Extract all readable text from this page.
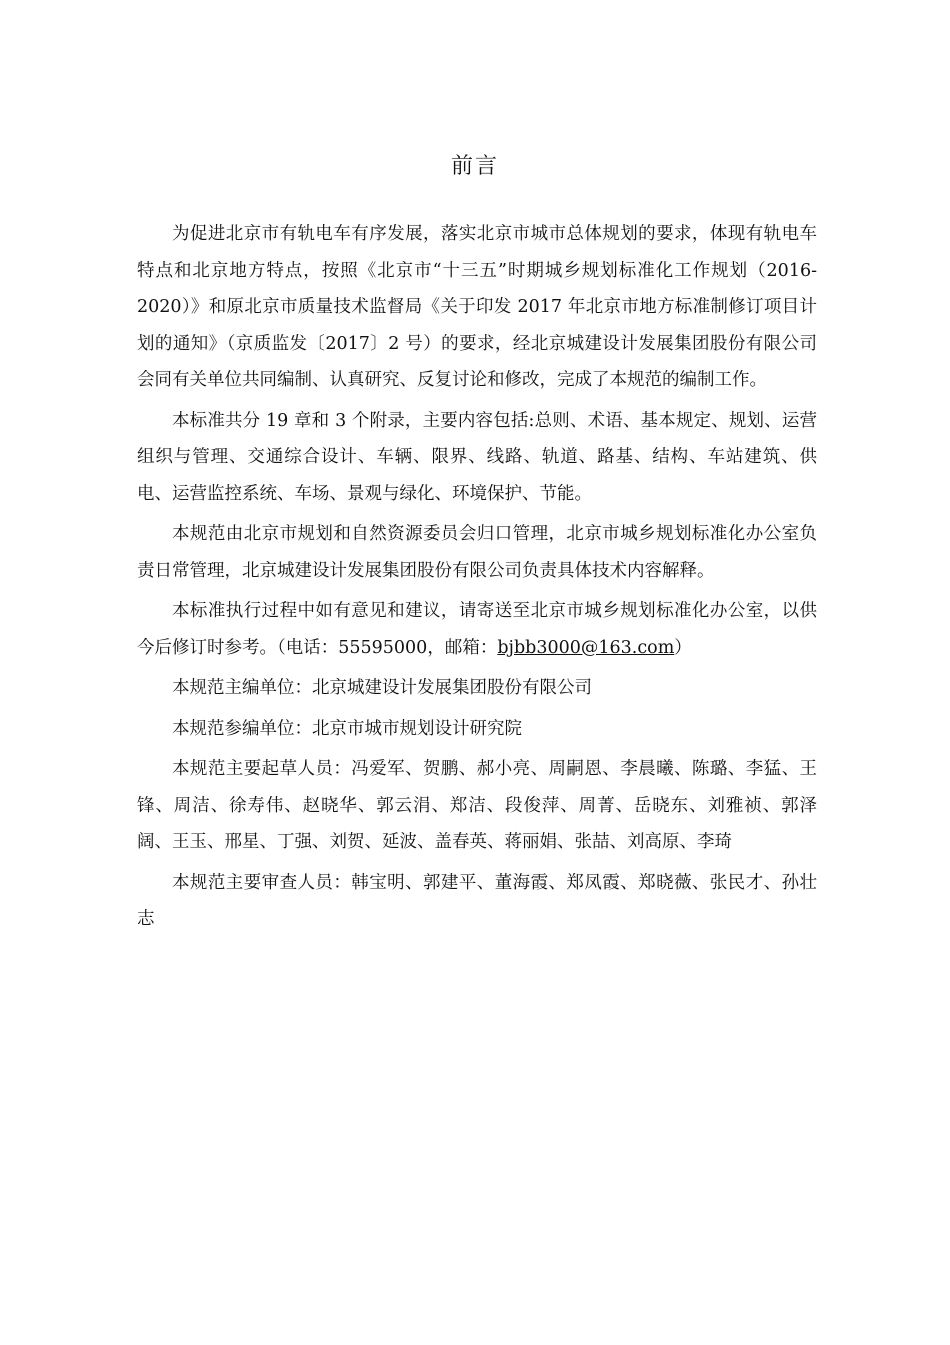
前言

为促进北京市有轨电车有序发展，落实北京市城市总体规划的要求，体现有轨电车特点和北京地方特点，按照《北京市“十三五”时期城乡规划标准化工作规划（2016-2020）》和原北京市质量技术监督局《关于印发 2017 年北京市地方标准制修订项目计划的通知》（京质监发〔2017〕2 号）的要求，经北京城建设计发展集团股份有限公司会同有关单位共同编制、认真研究、反复讨论和修改，完成了本规范的编制工作。

本标准共分 19 章和 3 个附录，主要内容包括:总则、术语、基本规定、规划、运营组织与管理、交通综合设计、车辆、限界、线路、轨道、路基、结构、车站建筑、供电、运营监控系统、车场、景观与绿化、环境保护、节能。

本规范由北京市规划和自然资源委员会归口管理，北京市城乡规划标准化办公室负责日常管理，北京城建设计发展集团股份有限公司负责具体技术内容解释。

本标准执行过程中如有意见和建议，请寄送至北京市城乡规划标准化办公室，以供今后修订时参考。（电话：55595000，邮箱：bjbb3000@163.com）

本规范主编单位：北京城建设计发展集团股份有限公司

本规范参编单位：北京市城市规划设计研究院

本规范主要起草人员：冯爱军、贺鹏、郝小亮、周嗣恩、李晨曦、陈璐、李猛、王锋、周洁、徐寿伟、赵晓华、郭云涓、郑洁、段俊萍、周菁、岳晓东、刘雅祯、郭泽阔、王玉、邢星、丁强、刘贺、延波、盖春英、蒋丽娟、张喆、刘高原、李琦

本规范主要审查人员：韩宝明、郭建平、董海霞、郑凤霞、郑晓薇、张民才、孙壮志
